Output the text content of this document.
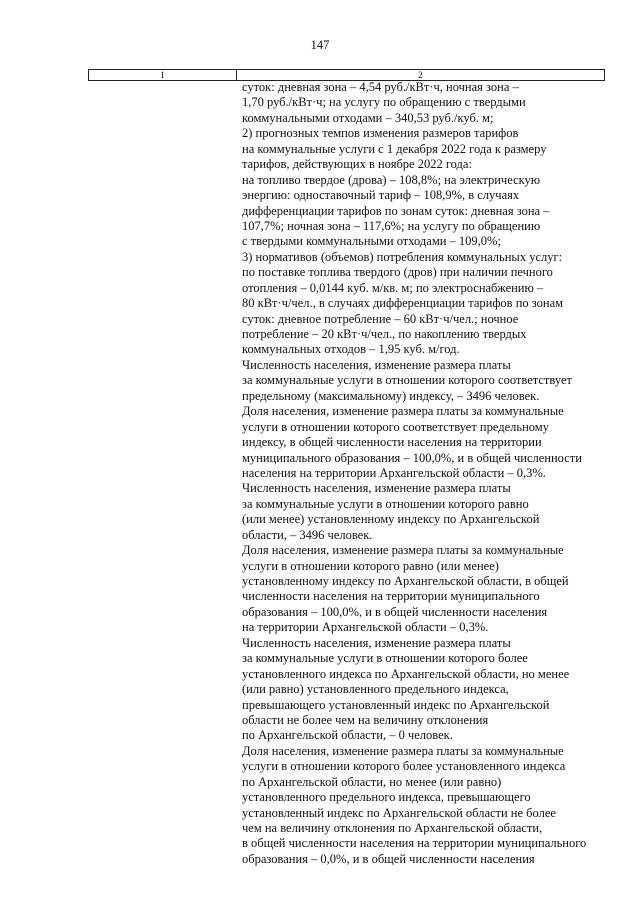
147
1	2
суток: дневная зона – 4,54 руб./кВт·ч, ночная зона –
1,70 руб./кВт·ч; на услугу по обращению с твердыми
коммунальными отходами – 340,53 руб./куб. м;
2) прогнозных темпов изменения размеров тарифов
на коммунальные услуги с 1 декабря 2022 года к размеру
тарифов, действующих в ноябре 2022 года:
на топливо твердое (дрова) – 108,8%; на электрическую
энергию: одноставочный тариф – 108,9%, в случаях
дифференциации тарифов по зонам суток: дневная зона –
107,7%; ночная зона – 117,6%; на услугу по обращению
с твердыми коммунальными отходами – 109,0%;
3) нормативов (объемов) потребления коммунальных услуг:
по поставке топлива твердого (дров) при наличии печного
отопления – 0,0144 куб. м/кв. м; по электроснабжению –
80 кВт·ч/чел., в случаях дифференциации тарифов по зонам
суток: дневное потребление – 60 кВт·ч/чел.; ночное
потребление – 20 кВт·ч/чел., по накоплению твердых
коммунальных отходов – 1,95 куб. м/год.
Численность населения, изменение размера платы
за коммунальные услуги в отношении которого соответствует
предельному (максимальному) индексу, – 3496 человек.
Доля населения, изменение размера платы за коммунальные
услуги в отношении которого соответствует предельному
индексу, в общей численности населения на территории
муниципального образования – 100,0%, и в общей численности
населения на территории Архангельской области – 0,3%.
Численность населения, изменение размера платы
за коммунальные услуги в отношении которого равно
(или менее) установленному индексу по Архангельской
области, – 3496 человек.
Доля населения, изменение размера платы за коммунальные
услуги в отношении которого равно (или менее)
установленному индексу по Архангельской области, в общей
численности населения на территории муниципального
образования – 100,0%, и в общей численности населения
на территории Архангельской области – 0,3%.
Численность населения, изменение размера платы
за коммунальные услуги в отношении которого более
установленного индекса по Архангельской области, но менее
(или равно) установленного предельного индекса,
превышающего установленный индекс по Архангельской
области не более чем на величину отклонения
по Архангельской области, – 0 человек.
Доля населения, изменение размера платы за коммунальные
услуги в отношении которого более установленного индекса
по Архангельской области, но менее (или равно)
установленного предельного индекса, превышающего
установленный индекс по Архангельской области не более
чем на величину отклонения по Архангельской области,
в общей численности населения на территории муниципального
образования – 0,0%, и в общей численности населения
